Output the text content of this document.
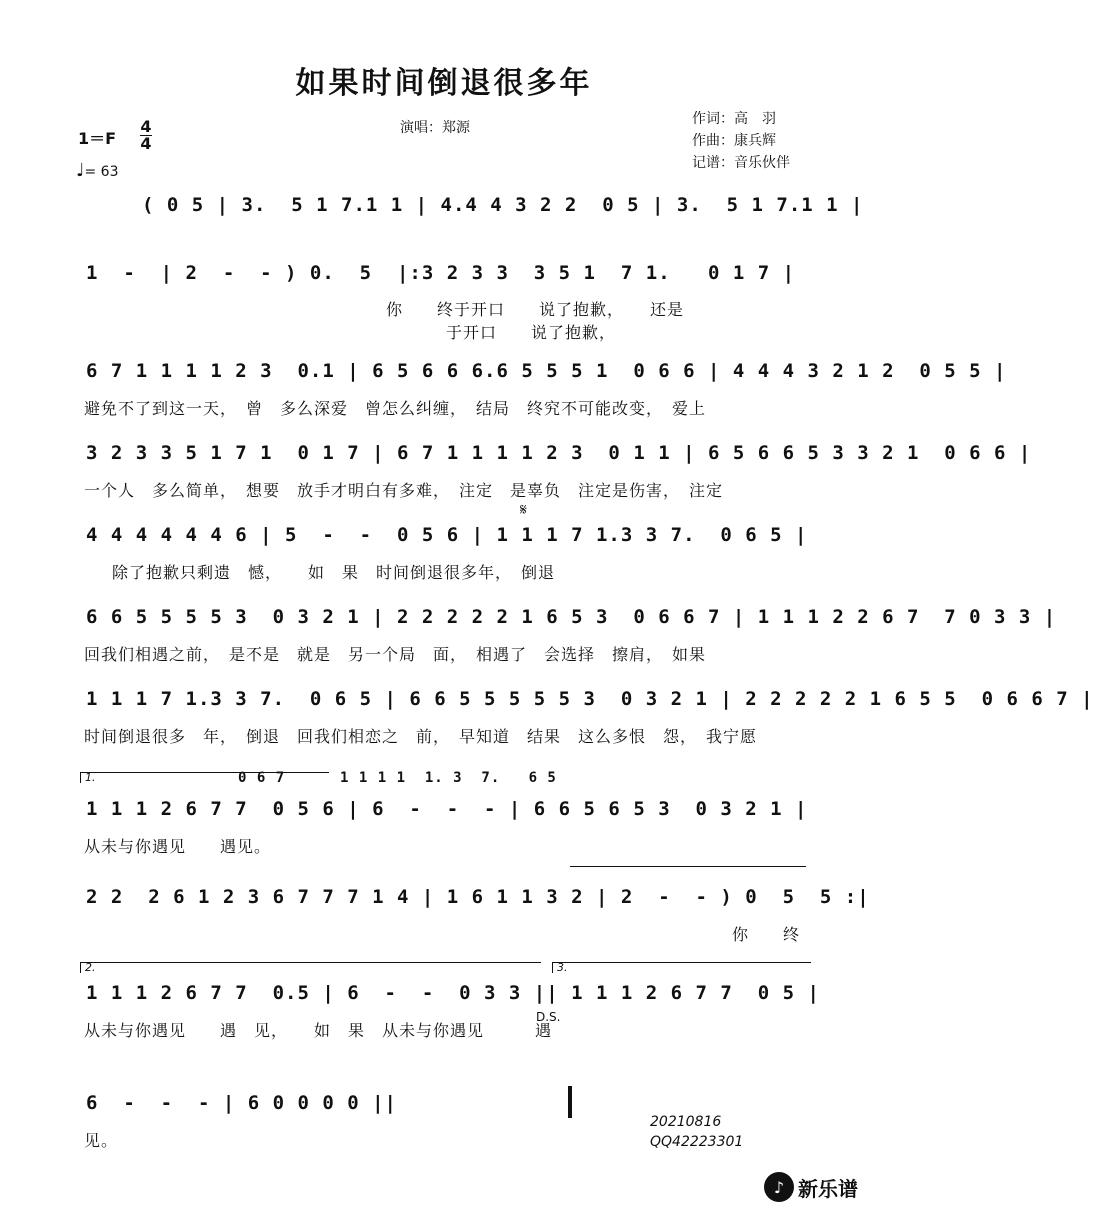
如果时间倒退很多年
1＝F
4
4
♩= 63
演唱：郑源
作词：高　羽
作曲：康兵辉
记谱：音乐伙伴
( 0 5 | 3.  5 1 7.1 1 | 4.4 4 3 2 2  0 5 | 3.  5 1 7.1 1 |
1  -  | 2  -  - ) 0.  5  |:3 2 3 3  3 5 1  7 1.   0 1 7 |
你　　终于开口　　说了抱歉，　　还是
于开口　　说了抱歉，
6 7 1 1 1 1 2 3  0.1 | 6 5 6 6 6.6 5 5 5 1  0 6 6 | 4 4 4 3 2 1 2  0 5 5 |
避免不了到这一天，　曾　多么深爱　曾怎么纠缠，　结局　终究不可能改变，　爱上
3 2 3 3 5 1 7 1  0 1 7 | 6 7 1 1 1 1 2 3  0 1 1 | 6 5 6 6 5 3 3 2 1  0 6 6 |
一个人　多么简单，　想要　放手才明白有多难，　注定　是辜负　注定是伤害，　注定
4 4 4 4 4 4 6 | 5  -  -  0 5 6 | 1 1 1 7 1.3 3 7.  0 6 5 |
除了抱歉只剩遗　憾，　　如　果　时间倒退很多年，　倒退
𝄋
6 6 5 5 5 5 3  0 3 2 1 | 2 2 2 2 2 1 6 5 3  0 6 6 7 | 1 1 1 2 2 6 7  7 0 3 3 |
回我们相遇之前，　是不是　就是　另一个局　面，　相遇了　会选择　擦肩，　如果
1 1 1 7 1.3 3 7.  0 6 5 | 6 6 5 5 5 5 5 3  0 3 2 1 | 2 2 2 2 2 1 6 5 5  0 6 6 7 |
时间倒退很多　年，　倒退　回我们相恋之　前，　早知道　结果　这么多恨　怨，　我宁愿
1.	0 6 7	1 1 1 1  1. 3  7.   6 5
1 1 1 2 6 7 7  0 5 6 | 6  -  -  - | 6 6 5 6 5 3  0 3 2 1 |
从未与你遇见　　遇见。
2 2  2 6 1 2 3 6 7 7 7 1 4 | 1 6 1 1 3 2 | 2  -  - ) 0  5  5 :|
你　　终
2.	3.
1 1 1 2 6 7 7  0.5 | 6  -  -  0 3 3 || 1 1 1 2 6 7 7  0 5 |
D.S.
从未与你遇见　　遇　见，　　如　果　从未与你遇见　　　遇
6  -  -  - | 6 0 0 0 0 ||
见。
20210816
QQ42223301
♪ 新乐谱
